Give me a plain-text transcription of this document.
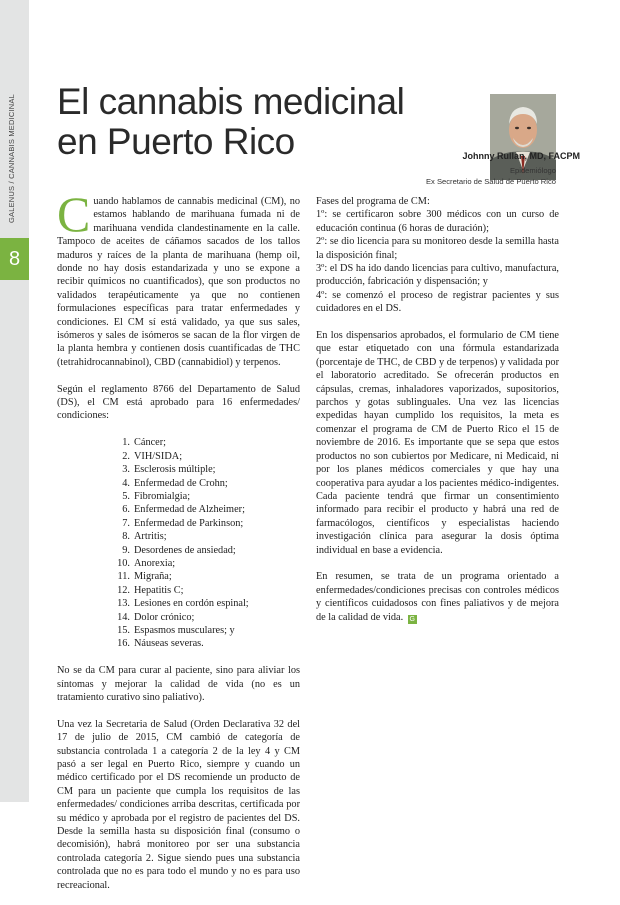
GALENUS / CANNABIS MEDICINAL
8
El cannabis medicinal
en Puerto Rico	Johnny Rullan, MD, FACPM
Epidemiólogo
Ex Secretario de Salud de Puerto Rico

Cuando hablamos de cannabis medicinal (CM), no estamos hablando de marihuana fumada ni de marihuana vendida clandestinamente en la calle. Tampoco de aceites de cáñamos sacados de los tallos maduros y raíces de la planta de marihuana (hemp oil, donde no hay dosis estandarizada y uno se expone a recibir químicos no cuantificados), que son productos no validados terapéuticamente ya que no contienen formulaciones específicas para tratar enfermedades y condiciones. El CM sí está validado, ya que sus sales, isómeros y sales de isómeros se sacan de la flor virgen de la planta hembra y contienen dosis cuantificadas de THC (tetrahidrocannabinol), CBD (cannabidiol) y terpenos.

Según el reglamento 8766 del Departamento de Salud (DS), el CM está aprobado para 16 enfermedades/ condiciones:

1. Cáncer;
2. VIH/SIDA;
3. Esclerosis múltiple;
4. Enfermedad de Crohn;
5. Fibromialgia;
6. Enfermedad de Alzheimer;
7. Enfermedad de Parkinson;
8. Artritis;
9. Desordenes de ansiedad;
10. Anorexia;
11. Migraña;
12. Hepatitis C;
13. Lesiones en cordón espinal;
14. Dolor crónico;
15. Espasmos musculares; y
16. Náuseas severas.

No se da CM para curar al paciente, sino para aliviar los síntomas y mejorar la calidad de vida (no es un tratamiento curativo sino paliativo).

Una vez la Secretaria de Salud (Orden Declarativa 32 del 17 de julio de 2015, CM cambió de categoría de substancia controlada 1 a categoría 2 de la ley 4 y CM pasó a ser legal en Puerto Rico, siempre y cuando un médico certificado por el DS recomiende un producto de CM para un paciente que cumpla los requisitos de las enfermedades/ condiciones arriba descritas, certificada por su médico y aprobada por el registro de pacientes del DS. Desde la semilla hasta su disposición final (consumo o decomisión), habrá monitoreo por ser una substancia controlada categoría 2. Sigue siendo pues una substancia controlada que no es para todo el mundo y no es para uso recreacional.

Fases del programa de CM:
1º: se certificaron sobre 300 médicos con un curso de educación continua (6 horas de duración);
2º: se dio licencia para su monitoreo desde la semilla hasta la disposición final;
3º: el DS ha ido dando licencias para cultivo, manufactura, producción, fabricación y dispensación; y
4º: se comenzó el proceso de registrar pacientes y sus cuidadores en el DS.

En los dispensarios aprobados, el formulario de CM tiene que estar etiquetado con una fórmula estandarizada (porcentaje de THC, de CBD y de terpenos) y validada por el laboratorio acreditado. Se ofrecerán productos en cápsulas, cremas, inhaladores vaporizados, supositorios, parchos y gotas sublinguales. Una vez las licencias expedidas hayan cumplido los requisitos, la meta es comenzar el programa de CM de Puerto Rico el 15 de noviembre de 2016. Es importante que se sepa que estos productos no son cubiertos por Medicare, ni Medicaid, ni por los planes médicos comerciales y que hay una cooperativa para ayudar a los pacientes médico-indigentes. Cada paciente tendrá que firmar un consentimiento informado para recibir el producto y habrá una red de farmacólogos, científicos y especialistas haciendo investigación clínica para asegurar la dosis óptima individual en base a evidencia.

En resumen, se trata de un programa orientado a enfermedades/condiciones precisas con controles médicos y científicos cuidadosos con fines paliativos y de mejora de la calidad de vida. G
